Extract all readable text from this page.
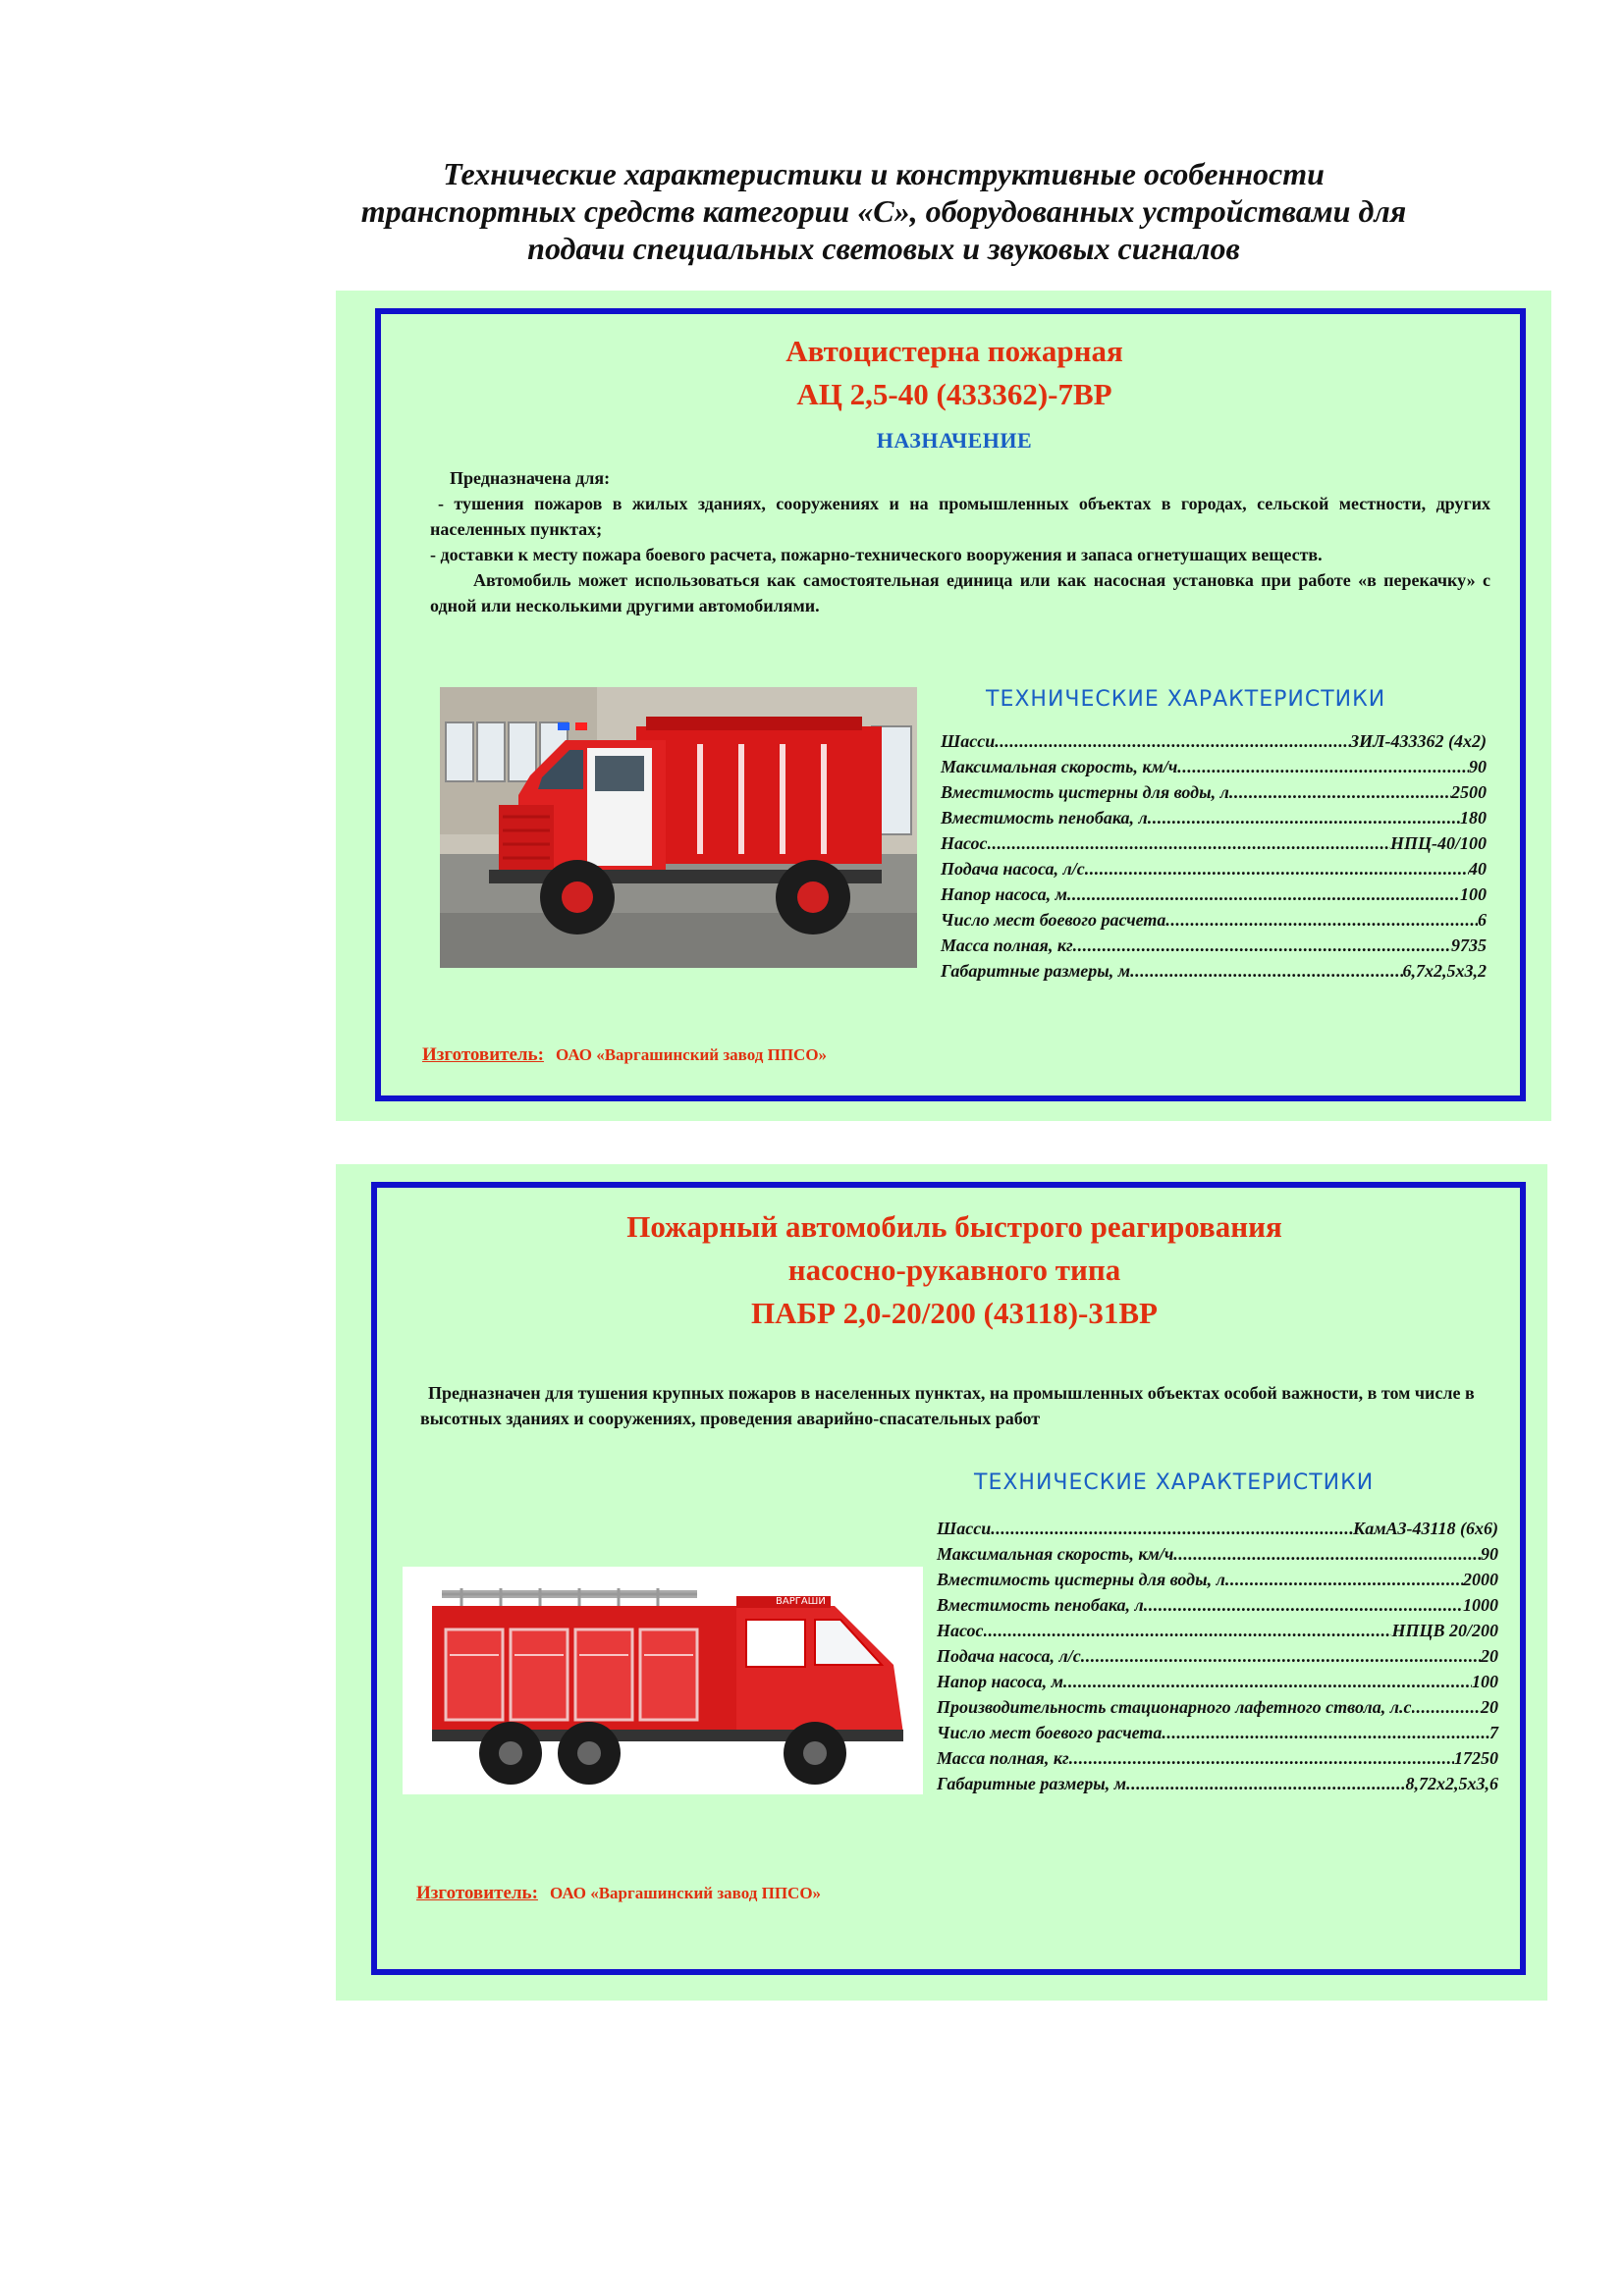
Технические характеристики и конструктивные особенности
транспортных средств категории «С», оборудованных устройствами для
подачи специальных световых и звуковых сигналов
Автоцистерна пожарная
АЦ 2,5-40 (433362)-7ВР
НАЗНАЧЕНИЕ

Предназначена для:

- тушения пожаров в жилых зданиях, сооружениях и на промышленных объектах в городах, сельской местности, других населенных пунктах;

- доставки к месту пожара боевого расчета, пожарно-технического вооружения и запаса огнетушащих веществ.

Автомобиль может использоваться как самостоятельная единица или как насосная установка при работе «в перекачку» с одной или несколькими другими автомобилями.

ТЕХНИЧЕСКИЕ ХАРАКТЕРИСТИКИ
Шасси .....	ЗИЛ-433362 (4х2)
Максимальная скорость, км/ч .....	90
Вместимость цистерны для воды, л .....	2500
Вместимость пенобака, л .....	180
Насос .....	НПЦ-40/100
Подача насоса, л/с .....	40
Напор насоса, м .....	100
Число мест боевого расчета .....	6
Масса полная, кг .....	9735
Габаритные размеры, м .....	6,7х2,5х3,2
Изготовитель: ОАО «Варгашинский завод ППСО»
Пожарный автомобиль быстрого реагирования
насосно-рукавного типа
ПАБР 2,0-20/200 (43118)-31ВР

Предназначен для тушения крупных пожаров в населенных пунктах, на промышленных объектах особой важности, в том числе в высотных зданиях и сооружениях, проведения аварийно-спасательных работ

ТЕХНИЧЕСКИЕ ХАРАКТЕРИСТИКИ
ВАРГАШИ
Шасси .....	КамАЗ-43118 (6х6)
Максимальная скорость, км/ч .....	90
Вместимость цистерны для воды, л .....	2000
Вместимость пенобака, л .....	1000
Насос .....	НПЦВ 20/200
Подача насоса, л/с .....	20
Напор насоса, м .....	100
Производительность стационарного лафетного ствола, л.с .....	20
Число мест боевого расчета .....	7
Масса полная, кг .....	17250
Габаритные размеры, м .....	8,72х2,5х3,6
Изготовитель: ОАО «Варгашинский завод ППСО»
